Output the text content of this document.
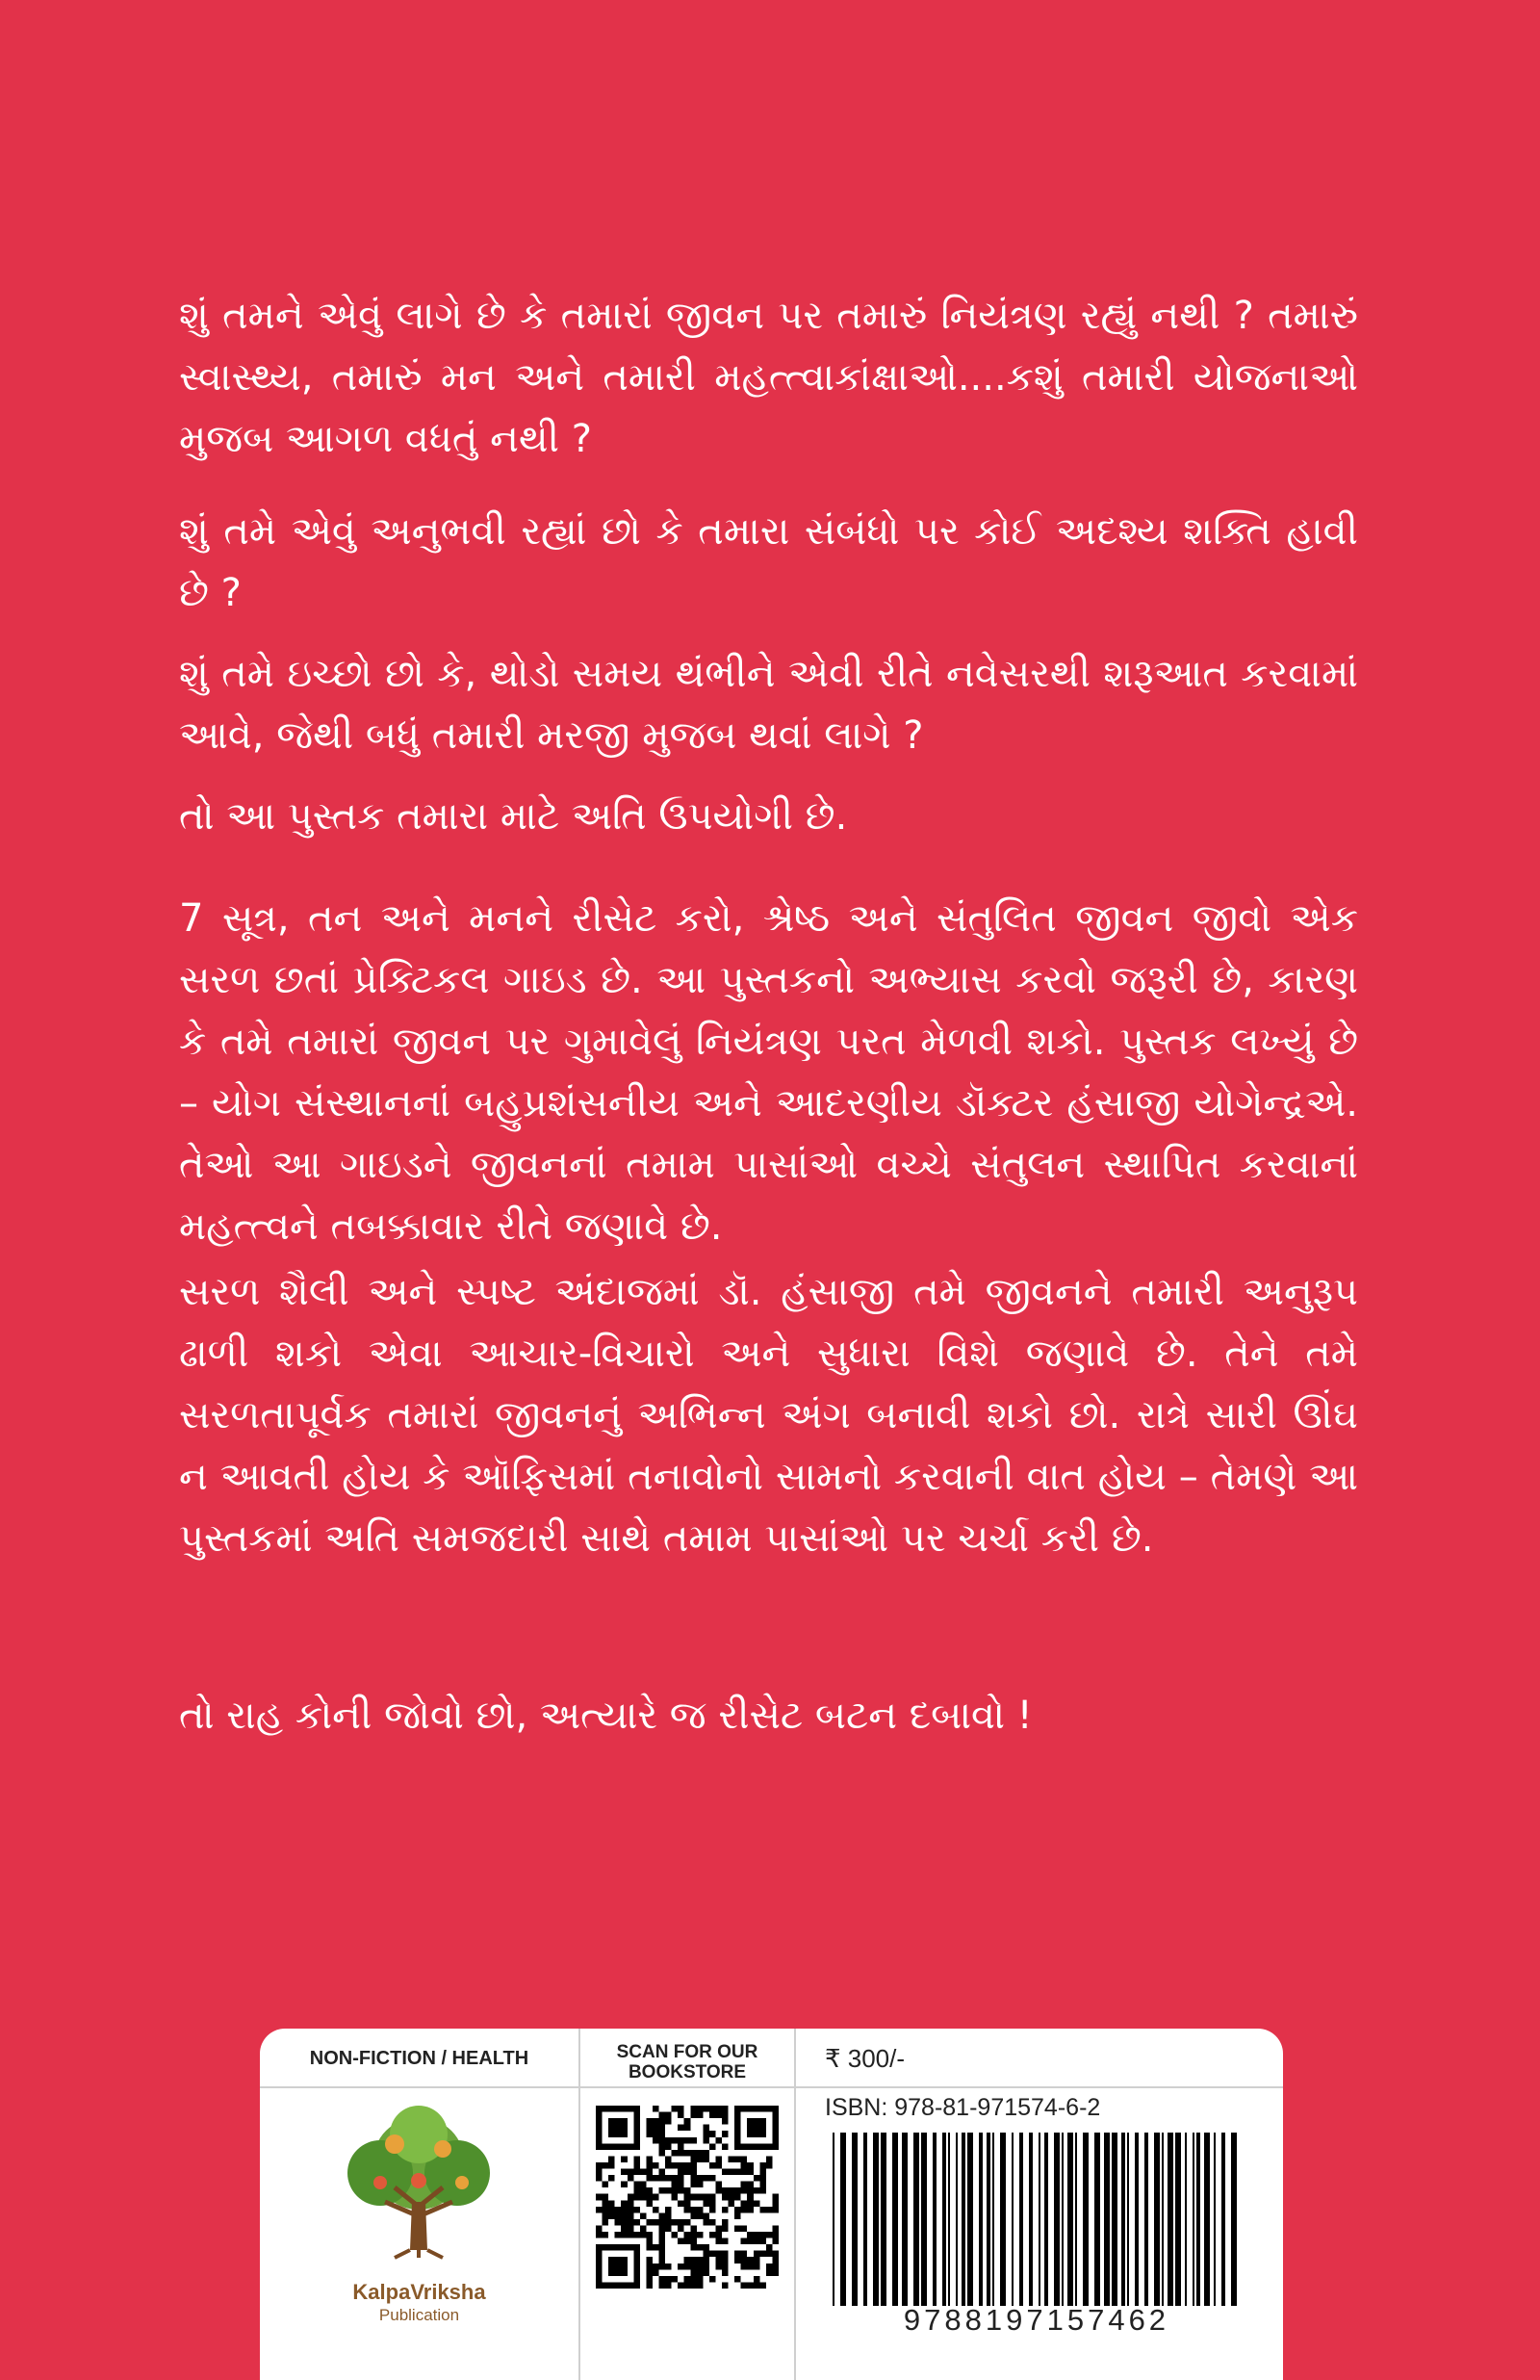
શું તમને એવું લાગે છે કે તમારાં જીવન પર તમારું નિયંત્રણ રહ્યું નથી ? તમારું સ્વાસ્થ્ય, તમારું મન અને તમારી મહત્ત્વાકાંક્ષાઓ....કશું તમારી યોજનાઓ મુજબ આગળ વધતું નથી ?

શું તમે એવું અનુભવી રહ્યાં છો કે તમારા સંબંધો પર કોઈ અદશ્ય શક્તિ હાવી છે ?

શું તમે ઇચ્છો છો કે, થોડો સમય થંભીને એવી રીતે નવેસરથી શરૂઆત કરવામાં આવે, જેથી બધું તમારી મરજી મુજબ થવાં લાગે ?

તો આ પુસ્તક તમારા માટે અતિ ઉપયોગી છે.

7 સૂત્ર, તન અને મનને રીસેટ કરો, શ્રેષ્ઠ અને સંતુલિત જીવન જીવો એક સરળ છતાં પ્રેક્ટિકલ ગાઇડ છે. આ પુસ્તકનો અભ્યાસ કરવો જરૂરી છે, કારણ કે તમે તમારાં જીવન પર ગુમાવેલું નિયંત્રણ પરત મેળવી શકો. પુસ્તક લખ્યું છે – યોગ સંસ્થાનનાં બહુપ્રશંસનીય અને આદરણીય ડૉક્ટર હંસાજી યોગેન્દ્રએ. તેઓ આ ગાઇડને જીવનનાં તમામ પાસાંઓ વચ્ચે સંતુલન સ્થાપિત કરવાનાં મહત્ત્વને તબક્કાવાર રીતે જણાવે છે.

સરળ શૈલી અને સ્પષ્ટ અંદાજમાં ડૉ. હંસાજી તમે જીવનને તમારી અનુરૂપ ઢાળી શકો એવા આચાર-વિચારો અને સુધારા વિશે જણાવે છે. તેને તમે સરળતાપૂર્વક તમારાં જીવનનું અભિન્ન અંગ બનાવી શકો છો. રાત્રે સારી ઊંઘ ન આવતી હોય કે ઑફિસમાં તનાવોનો સામનો કરવાની વાત હોય – તેમણે આ પુસ્તકમાં અતિ સમજદારી સાથે તમામ પાસાંઓ પર ચર્ચા કરી છે.

તો રાહ કોની જોવો છો, અત્યારે જ રીસેટ બટન દબાવો !

NON-FICTION / HEALTH
KalpaVriksha
Publication
SCAN FOR OUR BOOKSTORE	₹ 300/-
ISBN: 978-81-971574-6-2
9788197157462
